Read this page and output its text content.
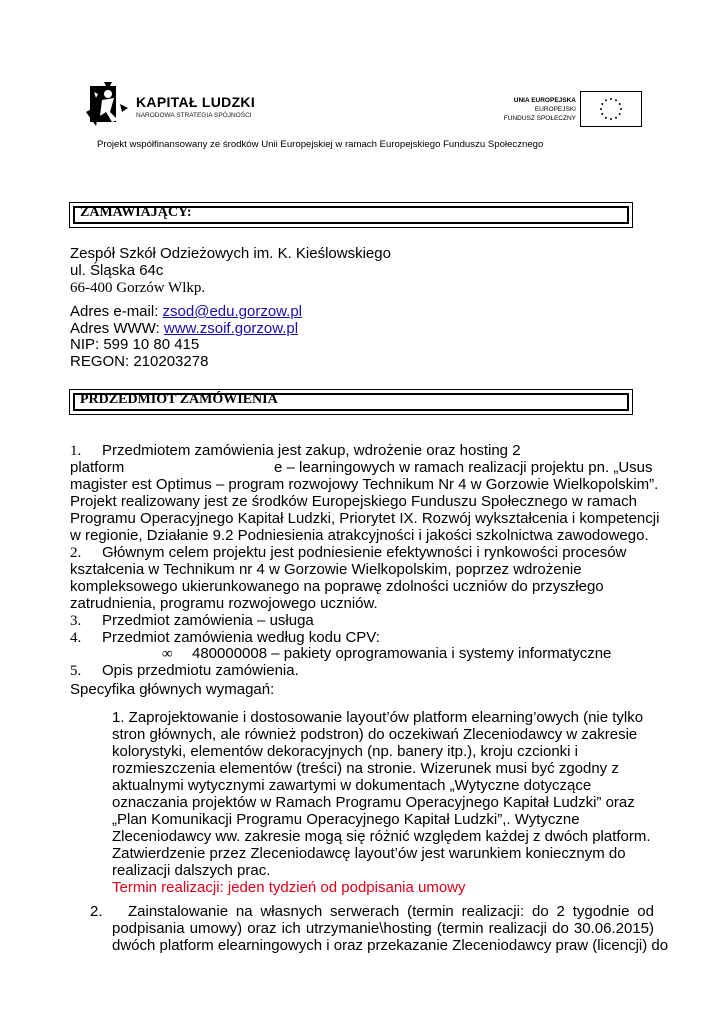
KAPITAŁ LUDZKI
NARODOWA STRATEGIA SPÓJNOŚCI
UNIA EUROPEJSKA
EUROPEJSKI
FUNDUSZ SPOŁECZNY
Projekt współfinansowany ze środków Unii Europejskiej w ramach Europejskiego Funduszu Społecznego
ZAMAWIAJĄCY:
Zespół Szkół Odzieżowych im. K. Kieślowskiego
ul. Śląska 64c
66-400 Gorzów Wlkp.
Adres e-mail: zsod@edu.gorzow.pl
Adres WWW: www.zsoif.gorzow.pl
NIP: 599 10 80 415
REGON: 210203278
PRDZEDMIOT ZAMÓWIENIA
1. Przedmiotem zamówienia jest zakup, wdrożenie oraz hosting 2
platform	e – learningowych w ramach realizacji projektu pn. „Usus
magister est Optimus – program rozwojowy Technikum Nr 4 w Gorzowie Wielkopolskim”.
Projekt realizowany jest ze środków Europejskiego Funduszu Społecznego w ramach
Programu Operacyjnego Kapitał Ludzki, Priorytet IX. Rozwój wykształcenia i kompetencji
w regionie, Działanie 9.2 Podniesienia atrakcyjności i jakości szkolnictwa zawodowego.
2. Głównym celem projektu jest podniesienie efektywności i rynkowości procesów
kształcenia w Technikum nr 4 w Gorzowie Wielkopolskim, poprzez wdrożenie
kompleksowego ukierunkowanego na poprawę zdolności uczniów do przyszłego
zatrudnienia, programu rozwojowego uczniów.
3. Przedmiot zamówienia – usługa
4. Przedmiot zamówienia według kodu CPV:
∞ 480000008 – pakiety oprogramowania i systemy informatyczne
5. Opis przedmiotu zamówienia.
Specyfika głównych wymagań:
1. Zaprojektowanie i dostosowanie layout’ów platform elearning’owych (nie tylko
stron głównych, ale również podstron) do oczekiwań Zleceniodawcy w zakresie
kolorystyki, elementów dekoracyjnych (np. banery itp.), kroju czcionki i
rozmieszczenia elementów (treści) na stronie. Wizerunek musi być zgodny z
aktualnymi wytycznymi zawartymi w dokumentach „Wytyczne dotyczące
oznaczania projektów w Ramach Programu Operacyjnego Kapitał Ludzki” oraz
„Plan Komunikacji Programu Operacyjnego Kapitał Ludzki”,. Wytyczne
Zleceniodawcy ww. zakresie mogą się różnić względem każdej z dwóch platform.
Zatwierdzenie przez Zleceniodawcę layout’ów jest warunkiem koniecznym do
realizacji dalszych prac.
Termin realizacji: jeden tydzień od podpisania umowy
2. Zainstalowanie na własnych serwerach (termin realizacji: do 2 tygodnie od
podpisania umowy) oraz ich utrzymanie\hosting (termin realizacji do 30.06.2015)
dwóch platform elearningowych i oraz przekazanie Zleceniodawcy praw (licencji) do
